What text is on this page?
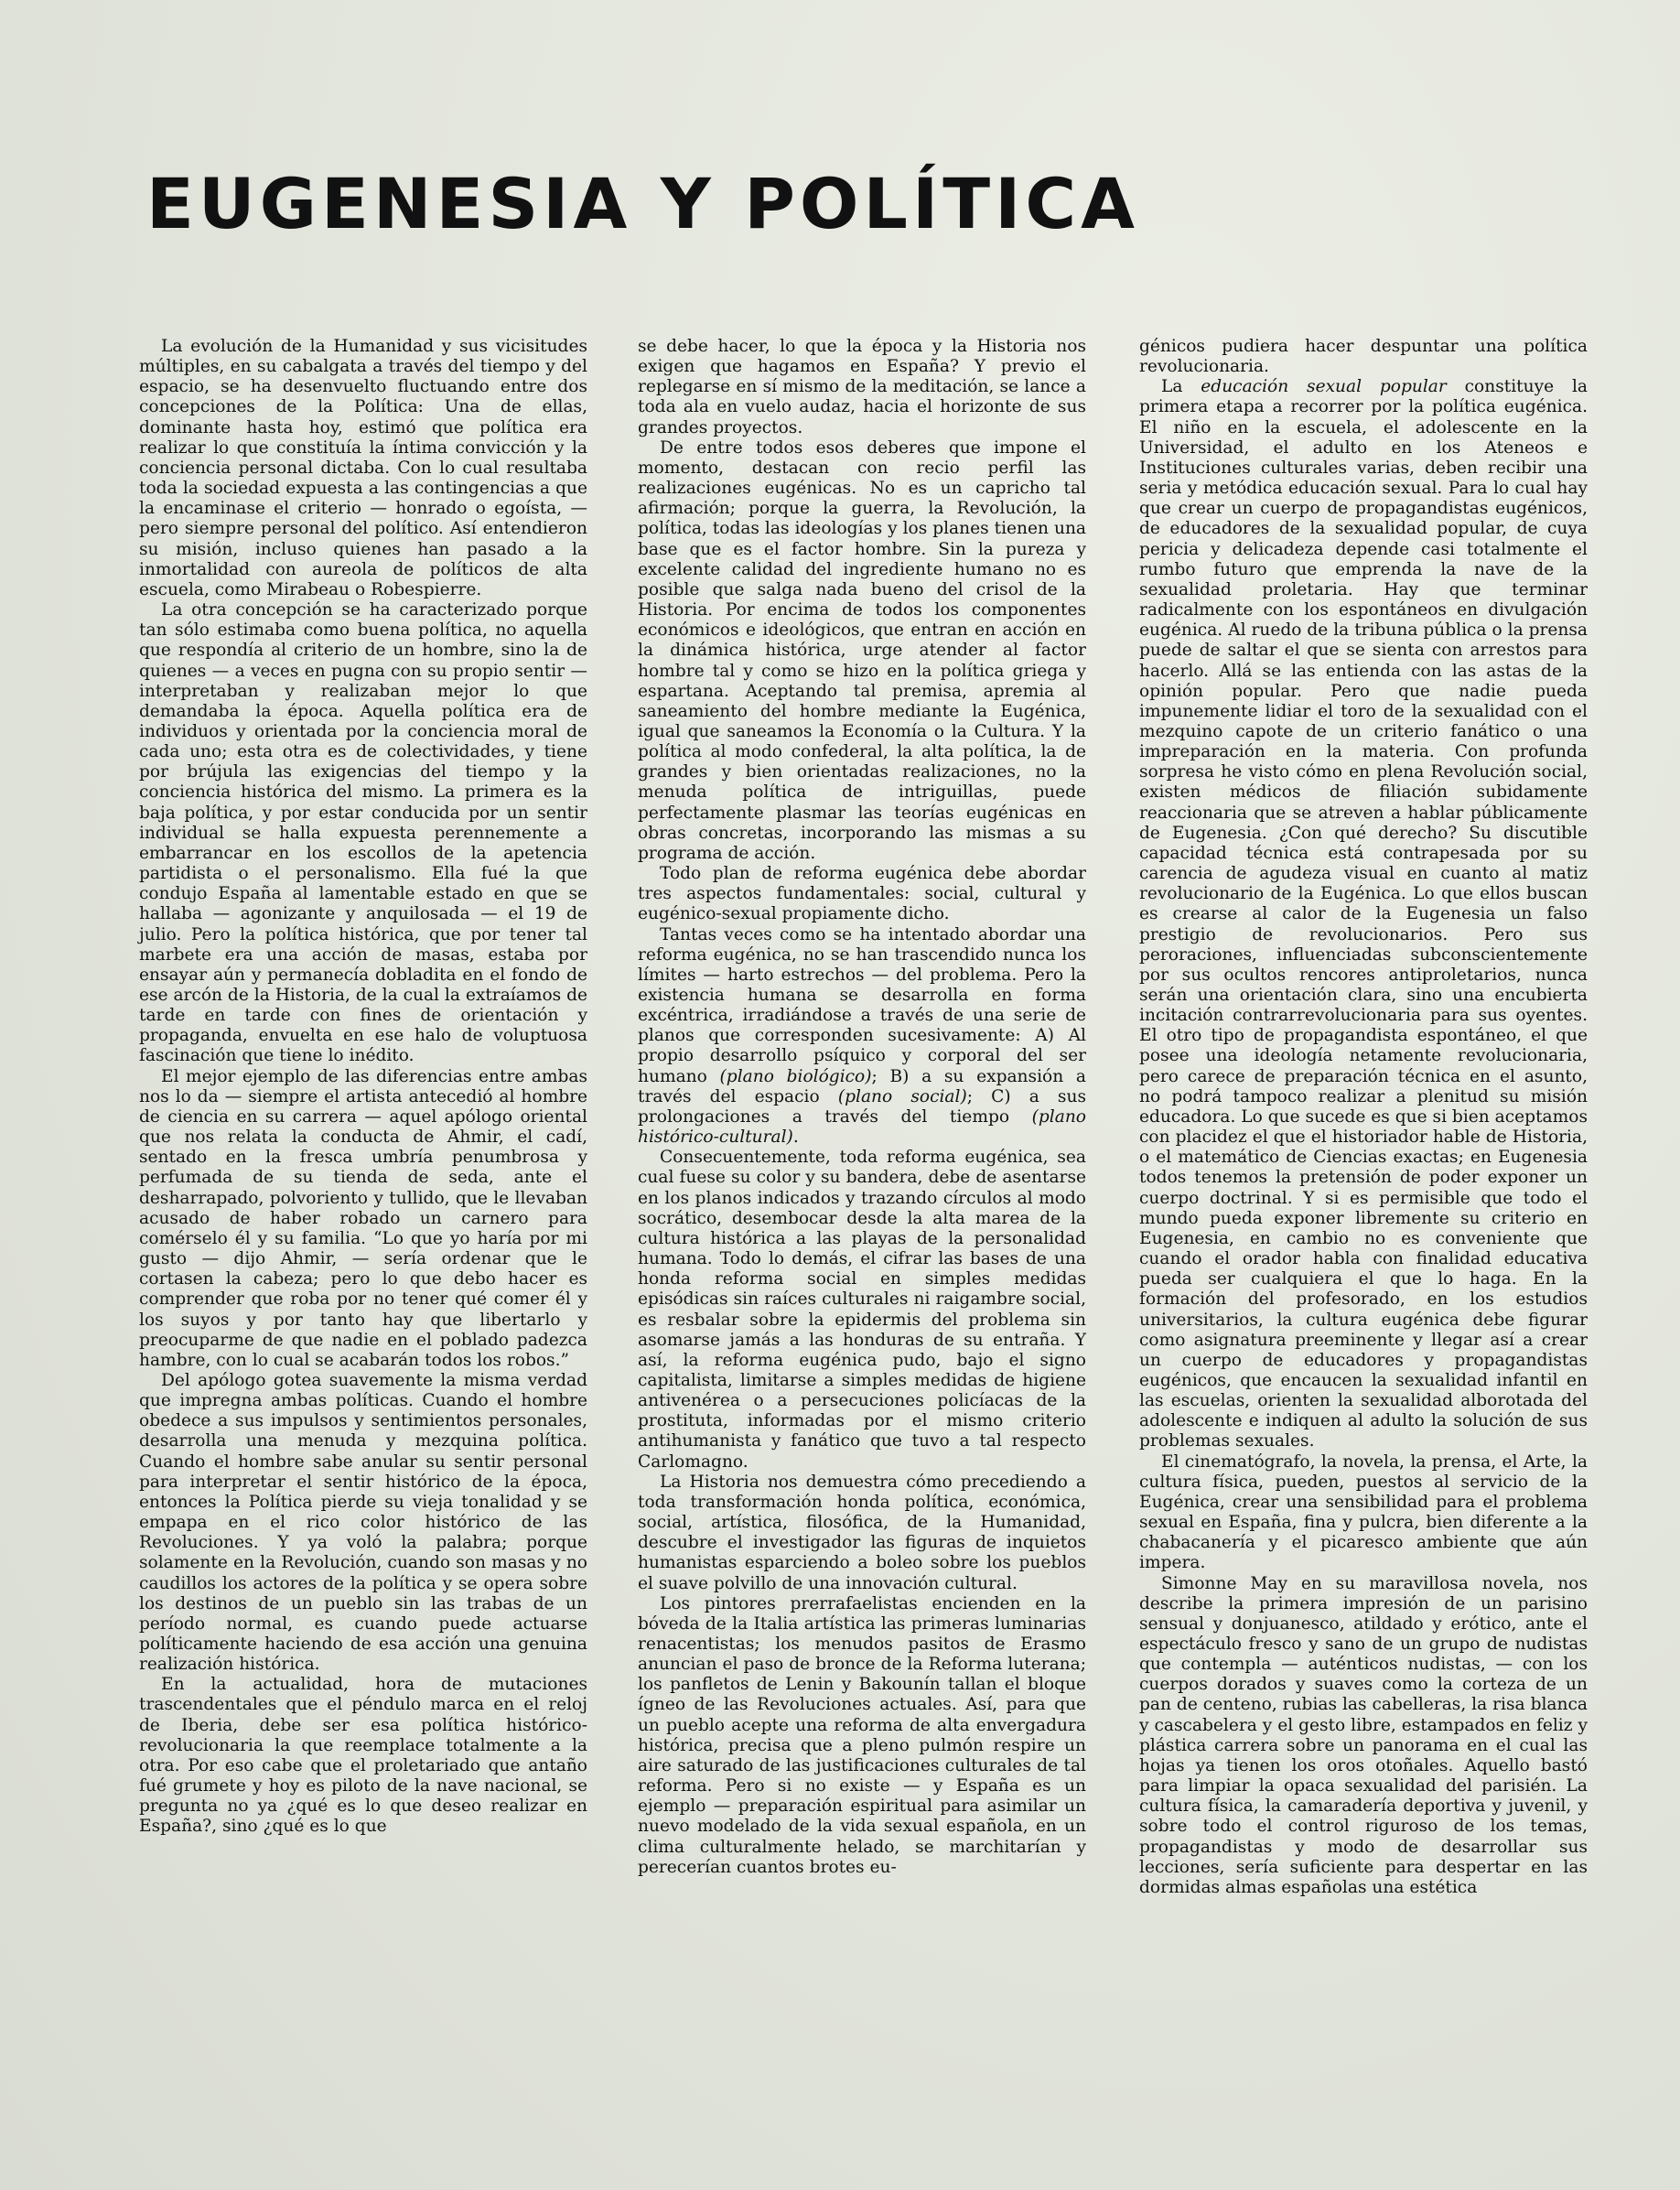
EUGENESIA Y POLÍTICA

La evolución de la Humanidad y sus vicisitudes múltiples, en su cabalgata a través del tiempo y del espacio, se ha desenvuelto fluctuando entre dos concepciones de la Política: Una de ellas, dominante hasta hoy, estimó que política era realizar lo que constituía la íntima convicción y la conciencia personal dictaba. Con lo cual resultaba toda la sociedad expuesta a las contingencias a que la encaminase el criterio — honrado o egoísta, — pero siempre personal del político. Así entendieron su misión, incluso quienes han pasado a la inmortalidad con aureola de políticos de alta escuela, como Mirabeau o Robespierre.

La otra concepción se ha caracterizado porque tan sólo estimaba como buena política, no aquella que respondía al criterio de un hombre, sino la de quienes — a veces en pugna con su propio sentir — interpretaban y realizaban mejor lo que demandaba la época. Aquella política era de individuos y orientada por la conciencia moral de cada uno; esta otra es de colectividades, y tiene por brújula las exigencias del tiempo y la conciencia histórica del mismo. La primera es la baja política, y por estar conducida por un sentir individual se halla expuesta perennemente a embarrancar en los escollos de la apetencia partidista o el personalismo. Ella fué la que condujo España al lamentable estado en que se hallaba — agonizante y anquilosada — el 19 de julio. Pero la política histórica, que por tener tal marbete era una acción de masas, estaba por ensayar aún y permanecía dobladita en el fondo de ese arcón de la Historia, de la cual la extraíamos de tarde en tarde con fines de orientación y propaganda, envuelta en ese halo de voluptuosa fascinación que tiene lo inédito.

El mejor ejemplo de las diferencias entre ambas nos lo da — siempre el artista antecedió al hombre de ciencia en su carrera — aquel apólogo oriental que nos relata la conducta de Ahmir, el cadí, sentado en la fresca umbría penumbrosa y perfumada de su tienda de seda, ante el desharrapado, polvoriento y tullido, que le llevaban acusado de haber robado un carnero para comérselo él y su familia. “Lo que yo haría por mi gusto — dijo Ahmir, — sería ordenar que le cortasen la cabeza; pero lo que debo hacer es comprender que roba por no tener qué comer él y los suyos y por tanto hay que libertarlo y preocuparme de que nadie en el poblado padezca hambre, con lo cual se acabarán todos los robos.”

Del apólogo gotea suavemente la misma verdad que impregna ambas políticas. Cuando el hombre obedece a sus impulsos y sentimientos personales, desarrolla una menuda y mezquina política. Cuando el hombre sabe anular su sentir personal para interpretar el sentir histórico de la época, entonces la Política pierde su vieja tonalidad y se empapa en el rico color histórico de las Revoluciones. Y ya voló la palabra; porque solamente en la Revolución, cuando son masas y no caudillos los actores de la política y se opera sobre los destinos de un pueblo sin las trabas de un período normal, es cuando puede actuarse políticamente haciendo de esa acción una genuina realización histórica.

En la actualidad, hora de mutaciones trascendentales que el péndulo marca en el reloj de Iberia, debe ser esa política histórico-revolucionaria la que reemplace totalmente a la otra. Por eso cabe que el proletariado que antaño fué grumete y hoy es piloto de la nave nacional, se pregunta no ya ¿qué es lo que deseo realizar en España?, sino ¿qué es lo que

se debe hacer, lo que la época y la Historia nos exigen que hagamos en España? Y previo el replegarse en sí mismo de la meditación, se lance a toda ala en vuelo audaz, hacia el horizonte de sus grandes proyectos.

De entre todos esos deberes que impone el momento, destacan con recio perfil las realizaciones eugénicas. No es un capricho tal afirmación; porque la guerra, la Revolución, la política, todas las ideologías y los planes tienen una base que es el factor hombre. Sin la pureza y excelente calidad del ingrediente humano no es posible que salga nada bueno del crisol de la Historia. Por encima de todos los componentes económicos e ideológicos, que entran en acción en la dinámica histórica, urge atender al factor hombre tal y como se hizo en la política griega y espartana. Aceptando tal premisa, apremia al saneamiento del hombre mediante la Eugénica, igual que saneamos la Economía o la Cultura. Y la política al modo confederal, la alta política, la de grandes y bien orientadas realizaciones, no la menuda política de intriguillas, puede perfectamente plasmar las teorías eugénicas en obras concretas, incorporando las mismas a su programa de acción.

Todo plan de reforma eugénica debe abordar tres aspectos fundamentales: social, cultural y eugénico-sexual propiamente dicho.

Tantas veces como se ha intentado abordar una reforma eugénica, no se han trascendido nunca los límites — harto estrechos — del problema. Pero la existencia humana se desarrolla en forma excéntrica, irradiándose a través de una serie de planos que corresponden sucesivamente: A) Al propio desarrollo psíquico y corporal del ser humano (plano biológico); B) a su expansión a través del espacio (plano social); C) a sus prolongaciones a través del tiempo (plano histórico-cultural).

Consecuentemente, toda reforma eugénica, sea cual fuese su color y su bandera, debe de asentarse en los planos indicados y trazando círculos al modo socrático, desembocar desde la alta marea de la cultura histórica a las playas de la personalidad humana. Todo lo demás, el cifrar las bases de una honda reforma social en simples medidas episódicas sin raíces culturales ni raigambre social, es resbalar sobre la epidermis del problema sin asomarse jamás a las honduras de su entraña. Y así, la reforma eugénica pudo, bajo el signo capitalista, limitarse a simples medidas de higiene antivenérea o a persecuciones policíacas de la prostituta, informadas por el mismo criterio antihumanista y fanático que tuvo a tal respecto Carlomagno.

La Historia nos demuestra cómo precediendo a toda transformación honda política, económica, social, artística, filosófica, de la Humanidad, descubre el investigador las figuras de inquietos humanistas esparciendo a boleo sobre los pueblos el suave polvillo de una innovación cultural.

Los pintores prerrafaelistas encienden en la bóveda de la Italia artística las primeras luminarias renacentistas; los menudos pasitos de Erasmo anuncian el paso de bronce de la Reforma luterana; los panfletos de Lenin y Bakounín tallan el bloque ígneo de las Revoluciones actuales. Así, para que un pueblo acepte una reforma de alta envergadura histórica, precisa que a pleno pulmón respire un aire saturado de las justificaciones culturales de tal reforma. Pero si no existe — y España es un ejemplo — preparación espiritual para asimilar un nuevo modelado de la vida sexual española, en un clima culturalmente helado, se marchitarían y perecerían cuantos brotes eu-

génicos pudiera hacer despuntar una política revolucionaria.

La educación sexual popular constituye la primera etapa a recorrer por la política eugénica. El niño en la escuela, el adolescente en la Universidad, el adulto en los Ateneos e Instituciones culturales varias, deben recibir una seria y metódica educación sexual. Para lo cual hay que crear un cuerpo de propagandistas eugénicos, de educadores de la sexualidad popular, de cuya pericia y delicadeza depende casi totalmente el rumbo futuro que emprenda la nave de la sexualidad proletaria. Hay que terminar radicalmente con los espontáneos en divulgación eugénica. Al ruedo de la tribuna pública o la prensa puede de saltar el que se sienta con arrestos para hacerlo. Allá se las entienda con las astas de la opinión popular. Pero que nadie pueda impunemente lidiar el toro de la sexualidad con el mezquino capote de un criterio fanático o una impreparación en la materia. Con profunda sorpresa he visto cómo en plena Revolución social, existen médicos de filiación subidamente reaccionaria que se atreven a hablar públicamente de Eugenesia. ¿Con qué derecho? Su discutible capacidad técnica está contrapesada por su carencia de agudeza visual en cuanto al matiz revolucionario de la Eugénica. Lo que ellos buscan es crearse al calor de la Eugenesia un falso prestigio de revolucionarios. Pero sus peroraciones, influenciadas subconscientemente por sus ocultos rencores antiproletarios, nunca serán una orientación clara, sino una encubierta incitación contrarrevolucionaria para sus oyentes. El otro tipo de propagandista espontáneo, el que posee una ideología netamente revolucionaria, pero carece de preparación técnica en el asunto, no podrá tampoco realizar a plenitud su misión educadora. Lo que sucede es que si bien aceptamos con placidez el que el historiador hable de Historia, o el matemático de Ciencias exactas; en Eugenesia todos tenemos la pretensión de poder exponer un cuerpo doctrinal. Y si es permisible que todo el mundo pueda exponer libremente su criterio en Eugenesia, en cambio no es conveniente que cuando el orador habla con finalidad educativa pueda ser cualquiera el que lo haga. En la formación del profesorado, en los estudios universitarios, la cultura eugénica debe figurar como asignatura preeminente y llegar así a crear un cuerpo de educadores y propagandistas eugénicos, que encaucen la sexualidad infantil en las escuelas, orienten la sexualidad alborotada del adolescente e indiquen al adulto la solución de sus problemas sexuales.

El cinematógrafo, la novela, la prensa, el Arte, la cultura física, pueden, puestos al servicio de la Eugénica, crear una sensibilidad para el problema sexual en España, fina y pulcra, bien diferente a la chabacanería y el picaresco ambiente que aún impera.

Simonne May en su maravillosa novela, nos describe la primera impresión de un parisino sensual y donjuanesco, atildado y erótico, ante el espectáculo fresco y sano de un grupo de nudistas que contempla — auténticos nudistas, — con los cuerpos dorados y suaves como la corteza de un pan de centeno, rubias las cabelleras, la risa blanca y cascabelera y el gesto libre, estampados en feliz y plástica carrera sobre un panorama en el cual las hojas ya tienen los oros otoñales. Aquello bastó para limpiar la opaca sexualidad del parisién. La cultura física, la camaradería deportiva y juvenil, y sobre todo el control riguroso de los temas, propagandistas y modo de desarrollar sus lecciones, sería suficiente para despertar en las dormidas almas españolas una estética
